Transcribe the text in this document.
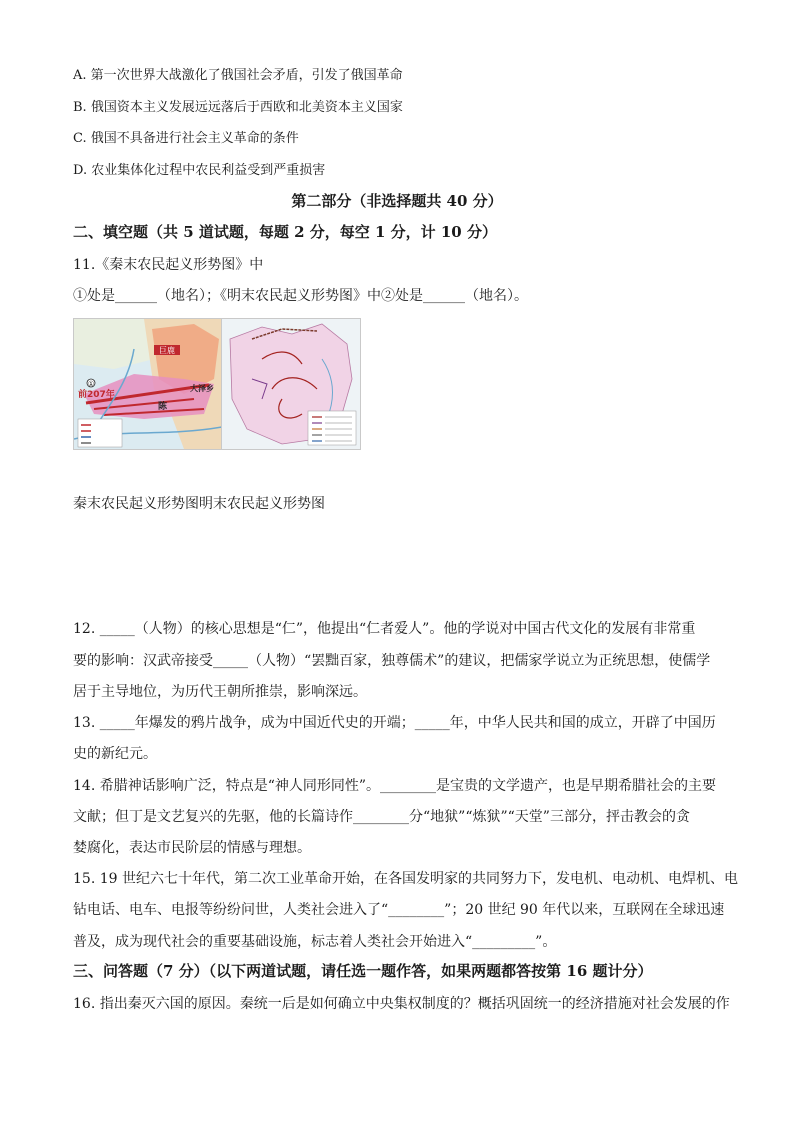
A. 第一次世界大战激化了俄国社会矛盾，引发了俄国革命
B. 俄国资本主义发展远远落后于西欧和北美资本主义国家
C. 俄国不具备进行社会主义革命的条件
D. 农业集体化过程中农民利益受到严重损害
第二部分（非选择题共 40 分）
二、填空题（共 5 道试题，每题 2 分，每空 1 分，计 10 分）
11.《秦末农民起义形势图》中
①处是______（地名）；《明末农民起义形势图》中②处是______（地名）。
巨鹿
①
前207年
大泽乡
陈
秦末农民起义形势图明末农民起义形势图
12. _____（人物）的核心思想是“仁”，他提出“仁者爱人”。他的学说对中国古代文化的发展有非常重
要的影响：汉武帝接受_____（人物）“罢黜百家，独尊儒术”的建议，把儒家学说立为正统思想，使儒学
居于主导地位，为历代王朝所推崇，影响深远。
13. _____年爆发的鸦片战争，成为中国近代史的开端；_____年，中华人民共和国的成立，开辟了中国历
史的新纪元。
14. 希腊神话影响广泛，特点是“神人同形同性”。________是宝贵的文学遗产，也是早期希腊社会的主要
文献；但丁是文艺复兴的先驱，他的长篇诗作________分“地狱”“炼狱”“天堂”三部分，抨击教会的贪
婪腐化，表达市民阶层的情感与理想。
15. 19 世纪六七十年代，第二次工业革命开始，在各国发明家的共同努力下，发电机、电动机、电焊机、电
钻电话、电车、电报等纷纷问世，人类社会进入了“________”；20 世纪 90 年代以来，互联网在全球迅速
普及，成为现代社会的重要基础设施，标志着人类社会开始进入“_________”。
三、问答题（7 分）（以下两道试题，请任选一题作答，如果两题都答按第 16 题计分）
16. 指出秦灭六国的原因。秦统一后是如何确立中央集权制度的？概括巩固统一的经济措施对社会发展的作
